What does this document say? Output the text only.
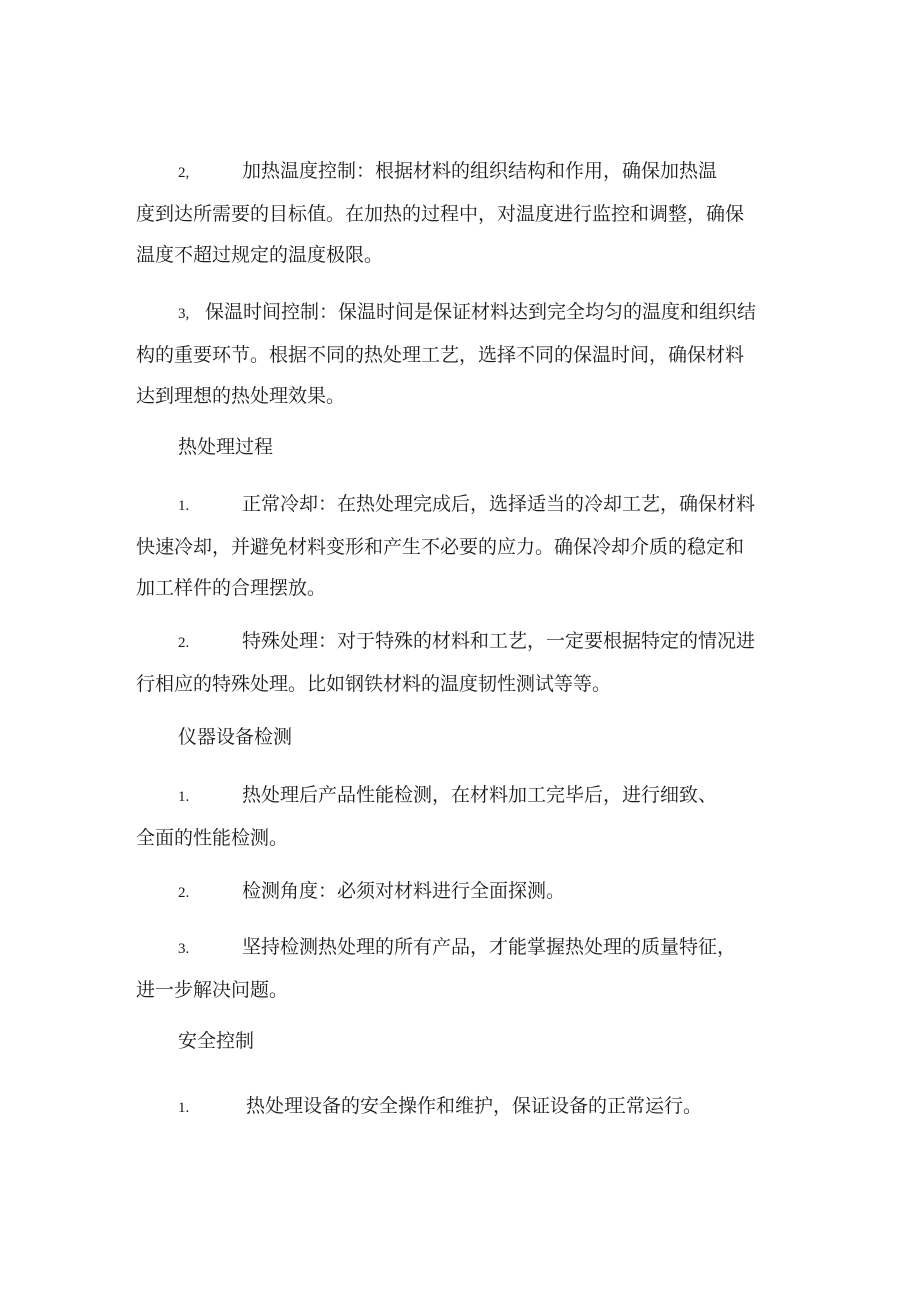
2,	加热温度控制：根据材料的组织结构和作用，确保加热温
度到达所需要的目标值。在加热的过程中，对温度进行监控和调整，确保
温度不超过规定的温度极限。
3, 保温时间控制：保温时间是保证材料达到完全均匀的温度和组织结
构的重要环节。根据不同的热处理工艺，选择不同的保温时间，确保材料
达到理想的热处理效果。
热处理过程
1.	正常冷却：在热处理完成后，选择适当的冷却工艺，确保材料
快速冷却，并避免材料变形和产生不必要的应力。确保冷却介质的稳定和
加工样件的合理摆放。
2.	特殊处理：对于特殊的材料和工艺，一定要根据特定的情况进
行相应的特殊处理。比如钢铁材料的温度韧性测试等等。
仪器设备检测
1.	热处理后产品性能检测，在材料加工完毕后，进行细致、
全面的性能检测。
2.	检测角度：必须对材料进行全面探测。
3.	坚持检测热处理的所有产品，才能掌握热处理的质量特征，
进一步解决问题。
安全控制
1.	热处理设备的安全操作和维护，保证设备的正常运行。
